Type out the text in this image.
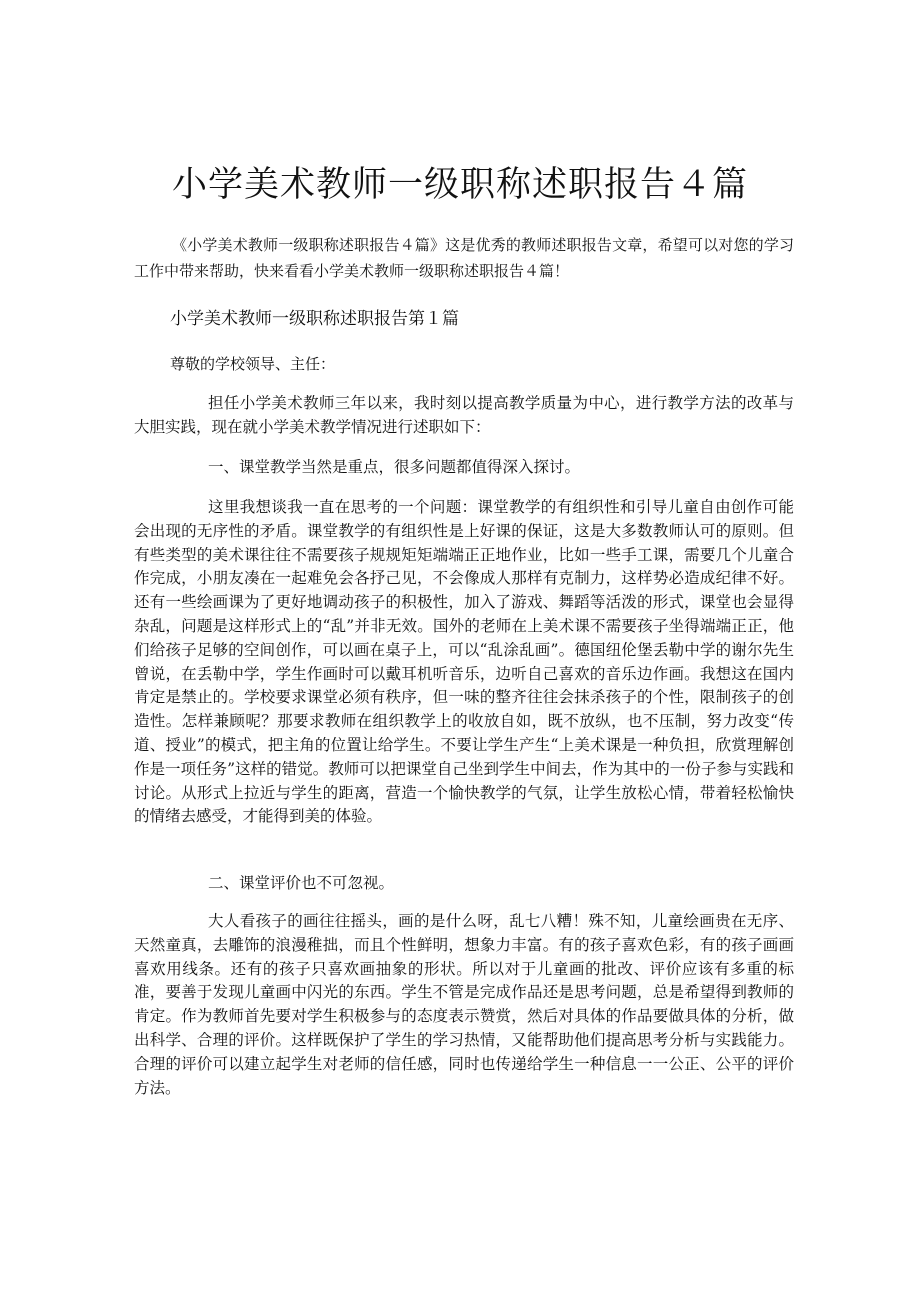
小学美术教师一级职称述职报告４篇

《小学美术教师一级职称述职报告４篇》这是优秀的教师述职报告文章，希望可以对您的学习工作中带来帮助，快来看看小学美术教师一级职称述职报告４篇！

小学美术教师一级职称述职报告第１篇

尊敬的学校领导、主任：

担任小学美术教师三年以来，我时刻以提高教学质量为中心，进行教学方法的改革与大胆实践，现在就小学美术教学情况进行述职如下：

一、课堂教学当然是重点，很多问题都值得深入探讨。

这里我想谈我一直在思考的一个问题：课堂教学的有组织性和引导儿童自由创作可能会出现的无序性的矛盾。课堂教学的有组织性是上好课的保证，这是大多数教师认可的原则。但有些类型的美术课往往不需要孩子规规矩矩端端正正地作业，比如一些手工课，需要几个儿童合作完成，小朋友凑在一起难免会各抒己见，不会像成人那样有克制力，这样势必造成纪律不好。还有一些绘画课为了更好地调动孩子的积极性，加入了游戏、舞蹈等活泼的形式，课堂也会显得杂乱，问题是这样形式上的“乱”并非无效。国外的老师在上美术课不需要孩子坐得端端正正，他们给孩子足够的空间创作，可以画在桌子上，可以“乱涂乱画”。德国纽伦堡丢勒中学的谢尔先生曾说，在丢勒中学，学生作画时可以戴耳机听音乐，边听自己喜欢的音乐边作画。我想这在国内肯定是禁止的。学校要求课堂必须有秩序，但一味的整齐往往会抹杀孩子的个性，限制孩子的创造性。怎样兼顾呢？那要求教师在组织教学上的收放自如，既不放纵，也不压制，努力改变“传道、授业”的模式，把主角的位置让给学生。不要让学生产生“上美术课是一种负担，欣赏理解创作是一项任务”这样的错觉。教师可以把课堂自己坐到学生中间去，作为其中的一份子参与实践和讨论。从形式上拉近与学生的距离，营造一个愉快教学的气氛，让学生放松心情，带着轻松愉快的情绪去感受，才能得到美的体验。

二、课堂评价也不可忽视。

大人看孩子的画往往摇头，画的是什么呀，乱七八糟！殊不知，儿童绘画贵在无序、天然童真，去雕饰的浪漫稚拙，而且个性鲜明，想象力丰富。有的孩子喜欢色彩，有的孩子画画喜欢用线条。还有的孩子只喜欢画抽象的形状。所以对于儿童画的批改、评价应该有多重的标准，要善于发现儿童画中闪光的东西。学生不管是完成作品还是思考问题，总是希望得到教师的肯定。作为教师首先要对学生积极参与的态度表示赞赏，然后对具体的作品要做具体的分析，做出科学、合理的评价。这样既保护了学生的学习热情，又能帮助他们提高思考分析与实践能力。合理的评价可以建立起学生对老师的信任感，同时也传递给学生一种信息一一公正、公平的评价方法。
